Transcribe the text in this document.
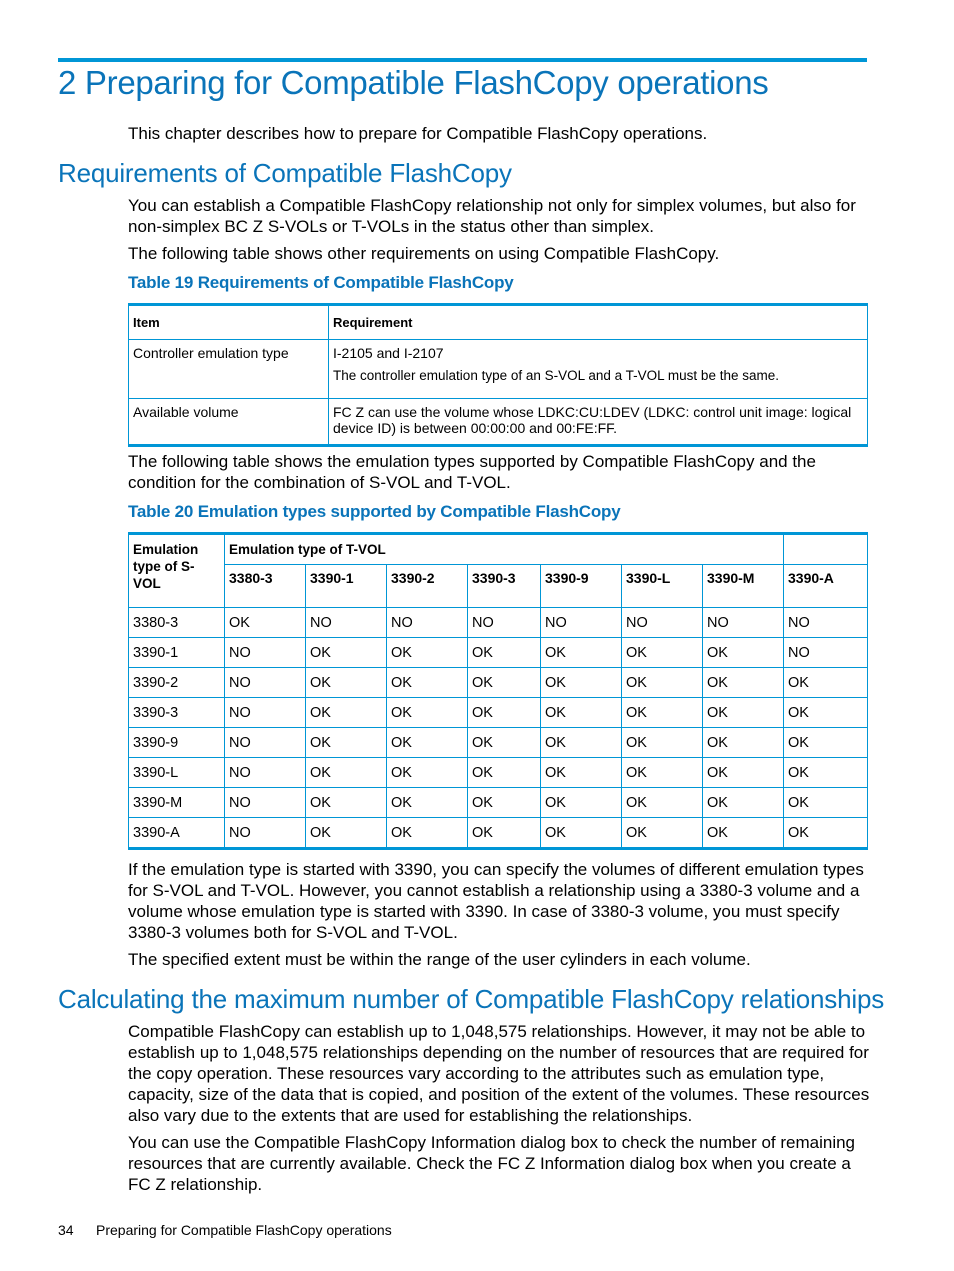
2 Preparing for Compatible FlashCopy operations

This chapter describes how to prepare for Compatible FlashCopy operations.

Requirements of Compatible FlashCopy

You can establish a Compatible FlashCopy relationship not only for simplex volumes, but also for non-simplex BC Z S-VOLs or T-VOLs in the status other than simplex.

The following table shows other requirements on using Compatible FlashCopy.

Table 19 Requirements of Compatible FlashCopy

Item	Requirement
Controller emulation type	I-2105 and I-2107
The controller emulation type of an S-VOL and a T-VOL must be the same.

Available volume	FC Z can use the volume whose LDKC:CU:LDEV (LDKC: control unit image: logical device ID) is between 00:00:00 and 00:FE:FF.

The following table shows the emulation types supported by Compatible FlashCopy and the condition for the combination of S-VOL and T-VOL.

Table 20 Emulation types supported by Compatible FlashCopy

Emulation type of S-VOL	Emulation type of T-VOL							
	3380-3	3390-1	3390-2	3390-3	3390-9	3390-L	3390-M	3390-A
3380-3	OK	NO	NO	NO	NO	NO	NO	NO
3390-1	NO	OK	OK	OK	OK	OK	OK	NO
3390-2	NO	OK	OK	OK	OK	OK	OK	OK
3390-3	NO	OK	OK	OK	OK	OK	OK	OK
3390-9	NO	OK	OK	OK	OK	OK	OK	OK
3390-L	NO	OK	OK	OK	OK	OK	OK	OK
3390-M	NO	OK	OK	OK	OK	OK	OK	OK
3390-A	NO	OK	OK	OK	OK	OK	OK	OK

If the emulation type is started with 3390, you can specify the volumes of different emulation types for S-VOL and T-VOL. However, you cannot establish a relationship using a 3380-3 volume and a volume whose emulation type is started with 3390. In case of 3380-3 volume, you must specify 3380-3 volumes both for S-VOL and T-VOL.

The specified extent must be within the range of the user cylinders in each volume.

Calculating the maximum number of Compatible FlashCopy relationships

Compatible FlashCopy can establish up to 1,048,575 relationships. However, it may not be able to establish up to 1,048,575 relationships depending on the number of resources that are required for the copy operation. These resources vary according to the attributes such as emulation type, capacity, size of the data that is copied, and position of the extent of the volumes. These resources also vary due to the extents that are used for establishing the relationships.

You can use the Compatible FlashCopy Information dialog box to check the number of remaining resources that are currently available. Check the FC Z Information dialog box when you create a FC Z relationship.

34 Preparing for Compatible FlashCopy operations
